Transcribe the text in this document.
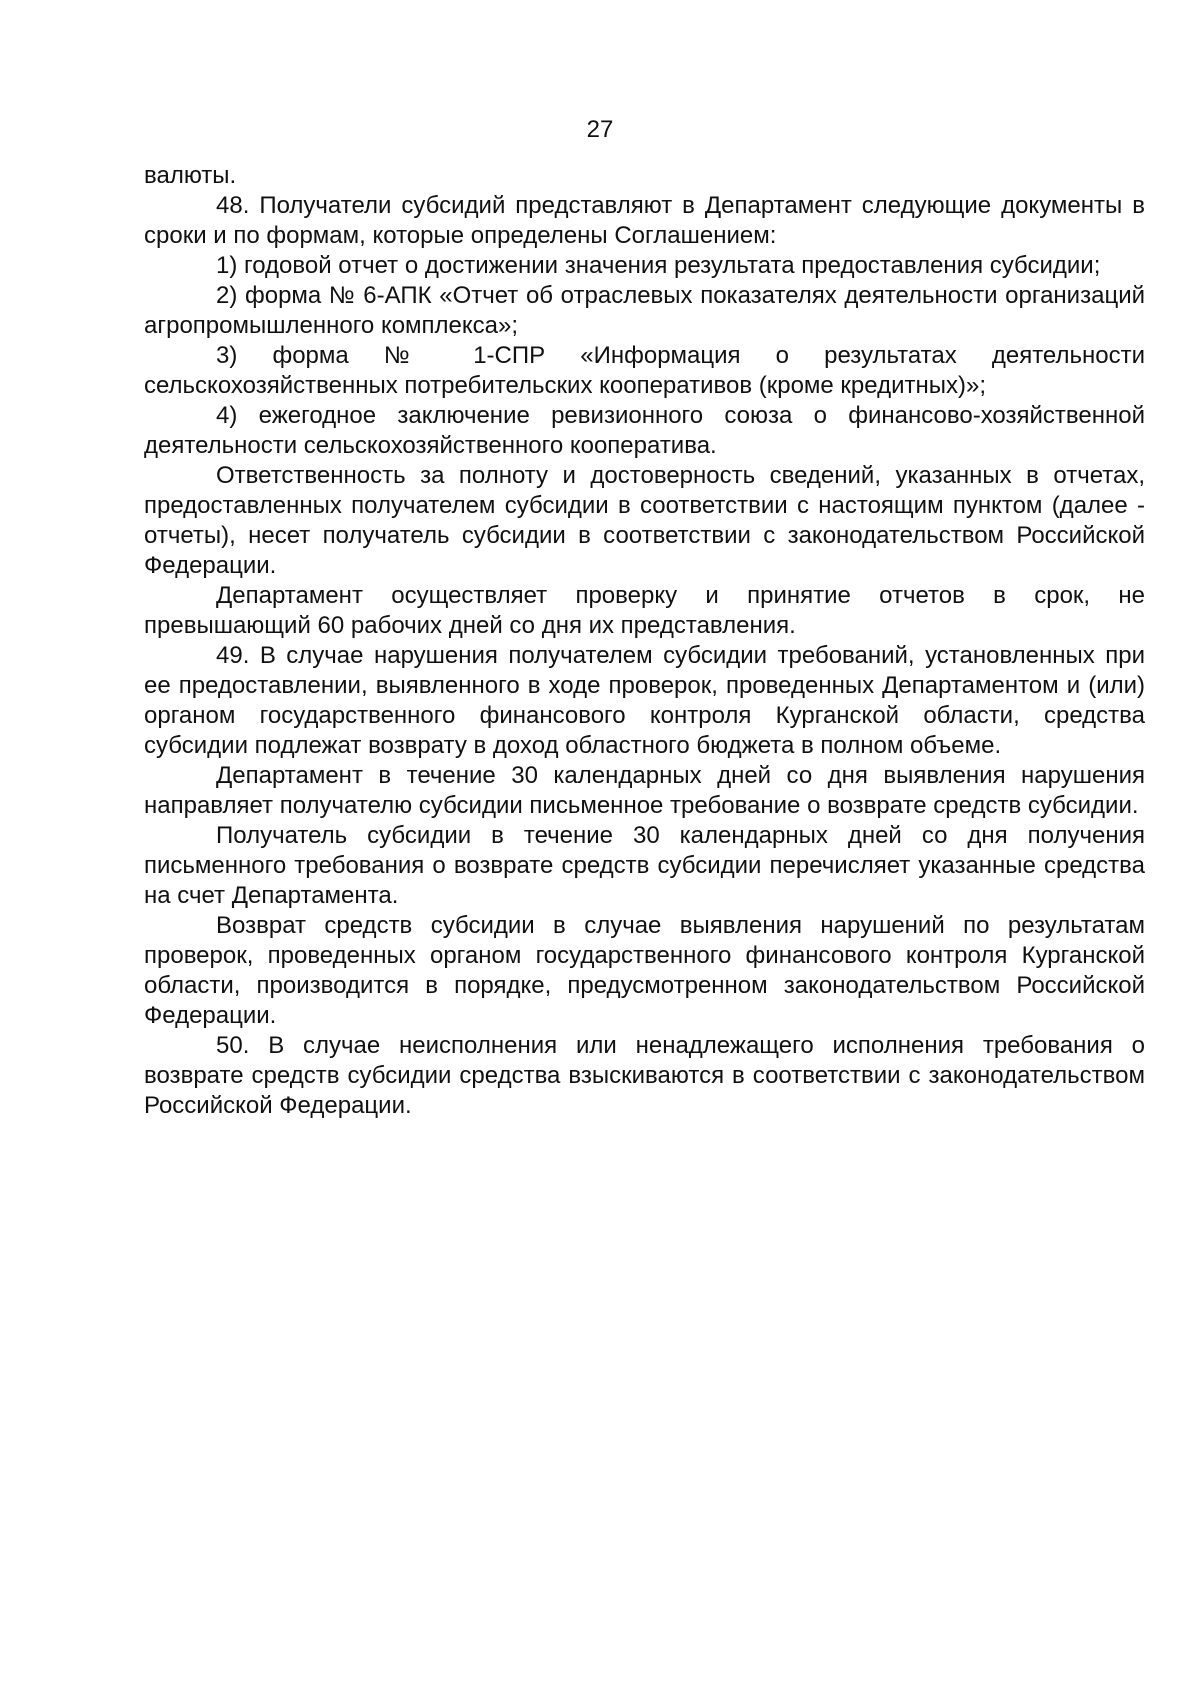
27

валюты.

48. Получатели субсидий представляют в Департамент следующие документы в сроки и по формам, которые определены Соглашением:

1) годовой отчет о достижении значения результата предоставления субсидии;

2) форма № 6-АПК «Отчет об отраслевых показателях деятельности организаций агропромышленного комплекса»;

3) форма № 1-СПР «Информация о результатах деятельности сельскохозяйственных потребительских кооперативов (кроме кредитных)»;

4) ежегодное заключение ревизионного союза о финансово-хозяйственной деятельности сельскохозяйственного кооператива.

Ответственность за полноту и достоверность сведений, указанных в отчетах, предоставленных получателем субсидии в соответствии с настоящим пунктом (далее - отчеты), несет получатель субсидии в соответствии с законодательством Российской Федерации.

Департамент осуществляет проверку и принятие отчетов в срок, не превышающий 60 рабочих дней со дня их представления.

49. В случае нарушения получателем субсидии требований, установленных при ее предоставлении, выявленного в ходе проверок, проведенных Департаментом и (или) органом государственного финансового контроля Курганской области, средства субсидии подлежат возврату в доход областного бюджета в полном объеме.

Департамент в течение 30 календарных дней со дня выявления нарушения направляет получателю субсидии письменное требование о возврате средств субсидии.

Получатель субсидии в течение 30 календарных дней со дня получения письменного требования о возврате средств субсидии перечисляет указанные средства на счет Департамента.

Возврат средств субсидии в случае выявления нарушений по результатам проверок, проведенных органом государственного финансового контроля Курганской области, производится в порядке, предусмотренном законодательством Российской Федерации.

50. В случае неисполнения или ненадлежащего исполнения требования о возврате средств субсидии средства взыскиваются в соответствии с законодательством Российской Федерации.
